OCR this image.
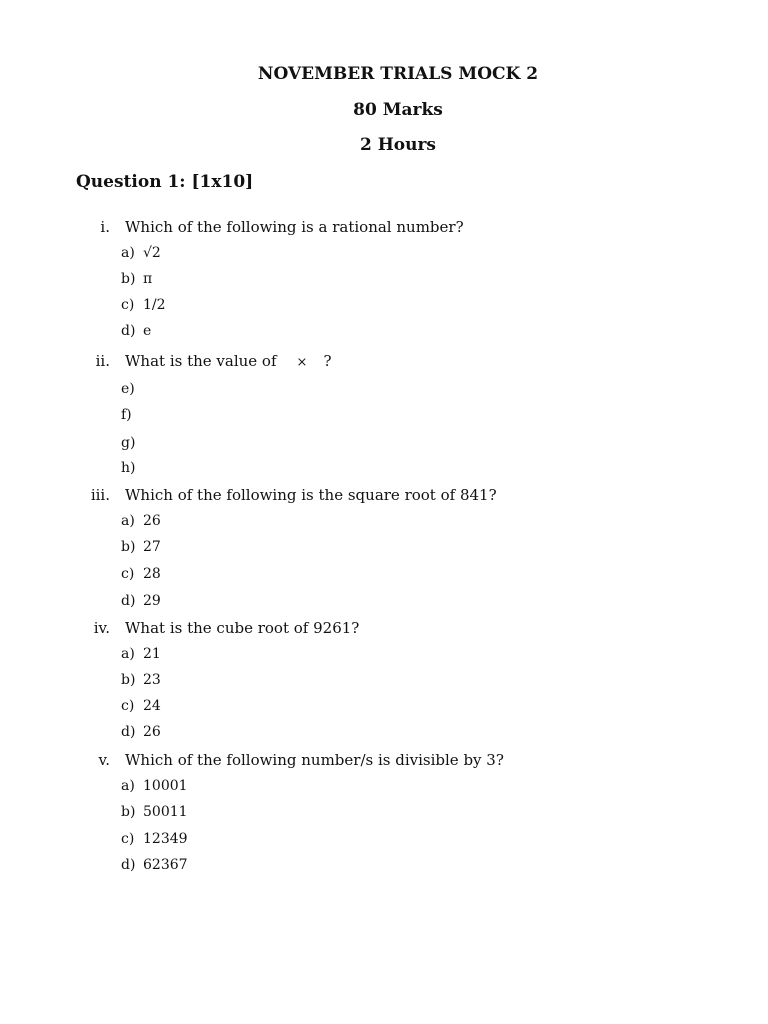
NOVEMBER TRIALS MOCK 2
80 Marks
2 Hours
Question 1: [1x10]
i. Which of the following is a rational number?
a) √2
b) π
c) 1/2
d) e
ii. What is the value of × ?
e)
f)
g)
h)
iii. Which of the following is the square root of 841?
a) 26
b) 27
c) 28
d) 29
iv. What is the cube root of 9261?
a) 21
b) 23
c) 24
d) 26
v. Which of the following number/s is divisible by 3?
a) 10001
b) 50011
c) 12349
d) 62367
